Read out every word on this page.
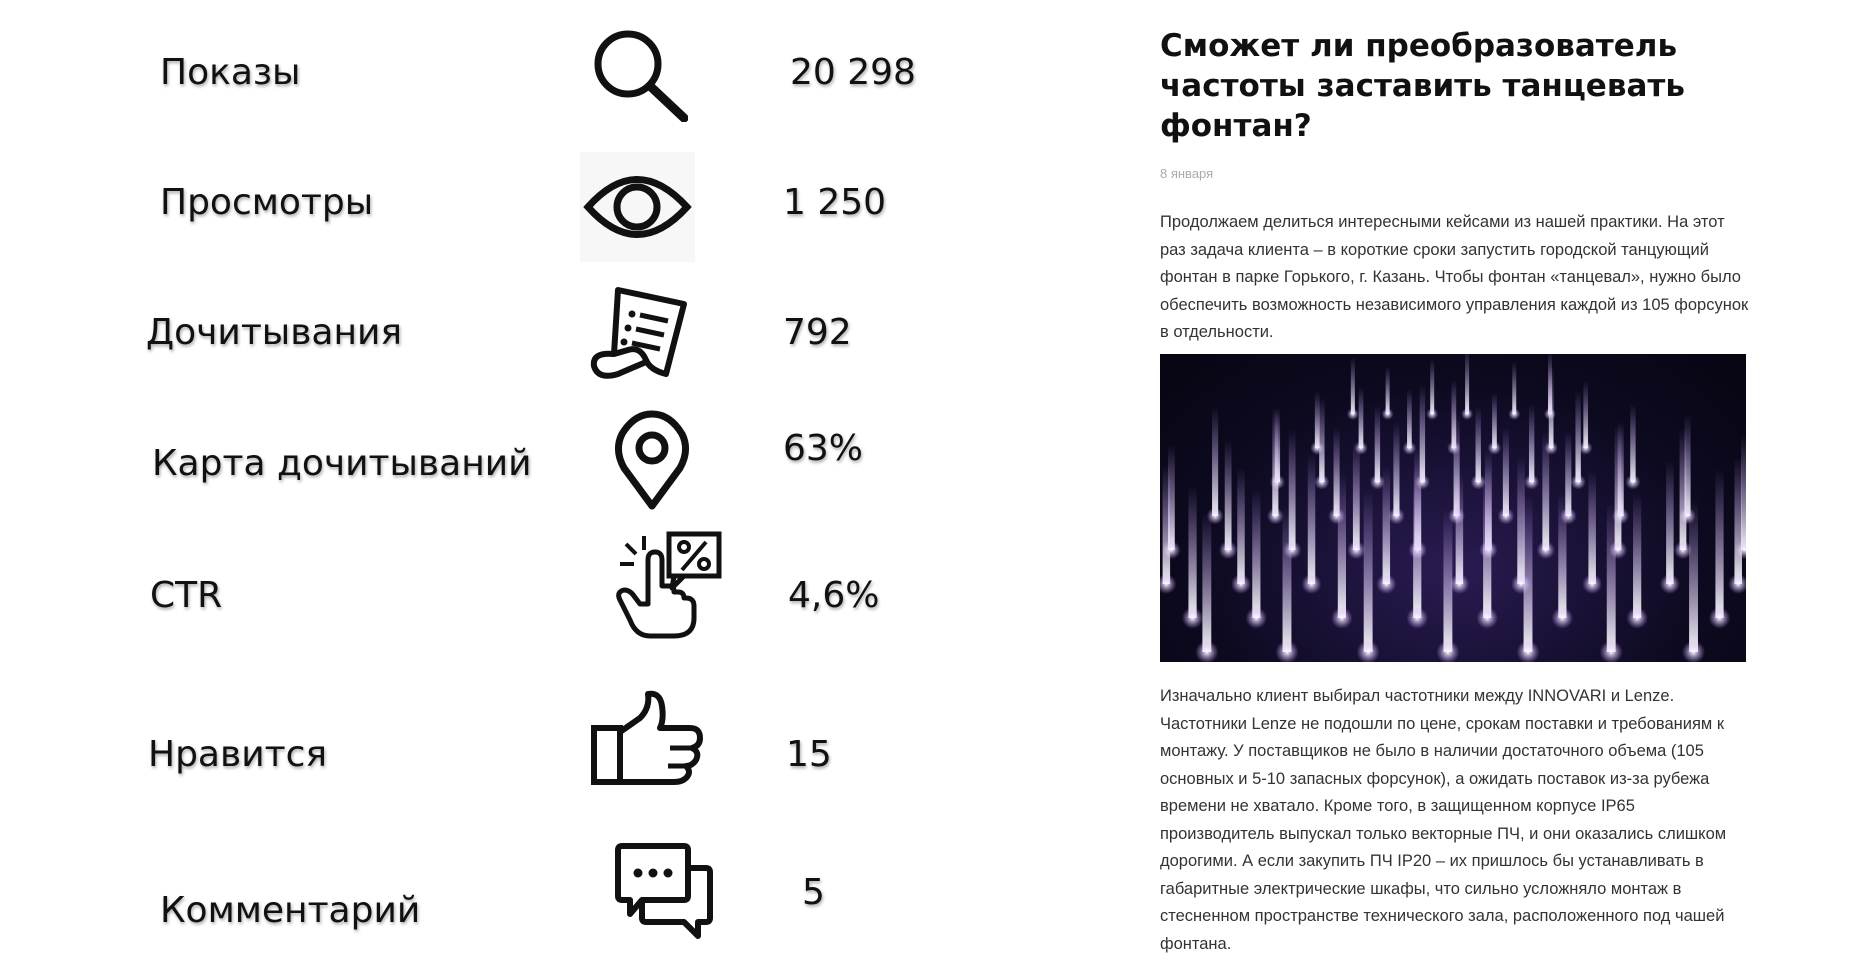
Показы	20 298
Просмотры	1 250
Дочитывания	792
Карта дочитываний	63%
CTR	4,6%
Нравится	15
Комментарий	5
Сможет ли преобразователь частоты заставить танцевать фонтан?
8 января

Продолжаем делиться интересными кейсами из нашей практики. На этот раз задача клиента – в короткие сроки запустить городской танцующий фонтан в парке Горького, г. Казань. Чтобы фонтан «танцевал», нужно было обеспечить возможность независимого управления каждой из 105 форсунок в отдельности.

Изначально клиент выбирал частотники между INNOVARI и Lenze. Частотники Lenze не подошли по цене, срокам поставки и требованиям к монтажу. У поставщиков не было в наличии достаточного объема (105 основных и 5-10 запасных форсунок), а ожидать поставок из-за рубежа времени не хватало. Кроме того, в защищенном корпусе IP65 производитель выпускал только векторные ПЧ, и они оказались слишком дорогими. А если закупить ПЧ IP20 – их пришлось бы устанавливать в габаритные электрические шкафы, что сильно усложняло монтаж в стесненном пространстве технического зала, расположенного под чашей фонтана.
